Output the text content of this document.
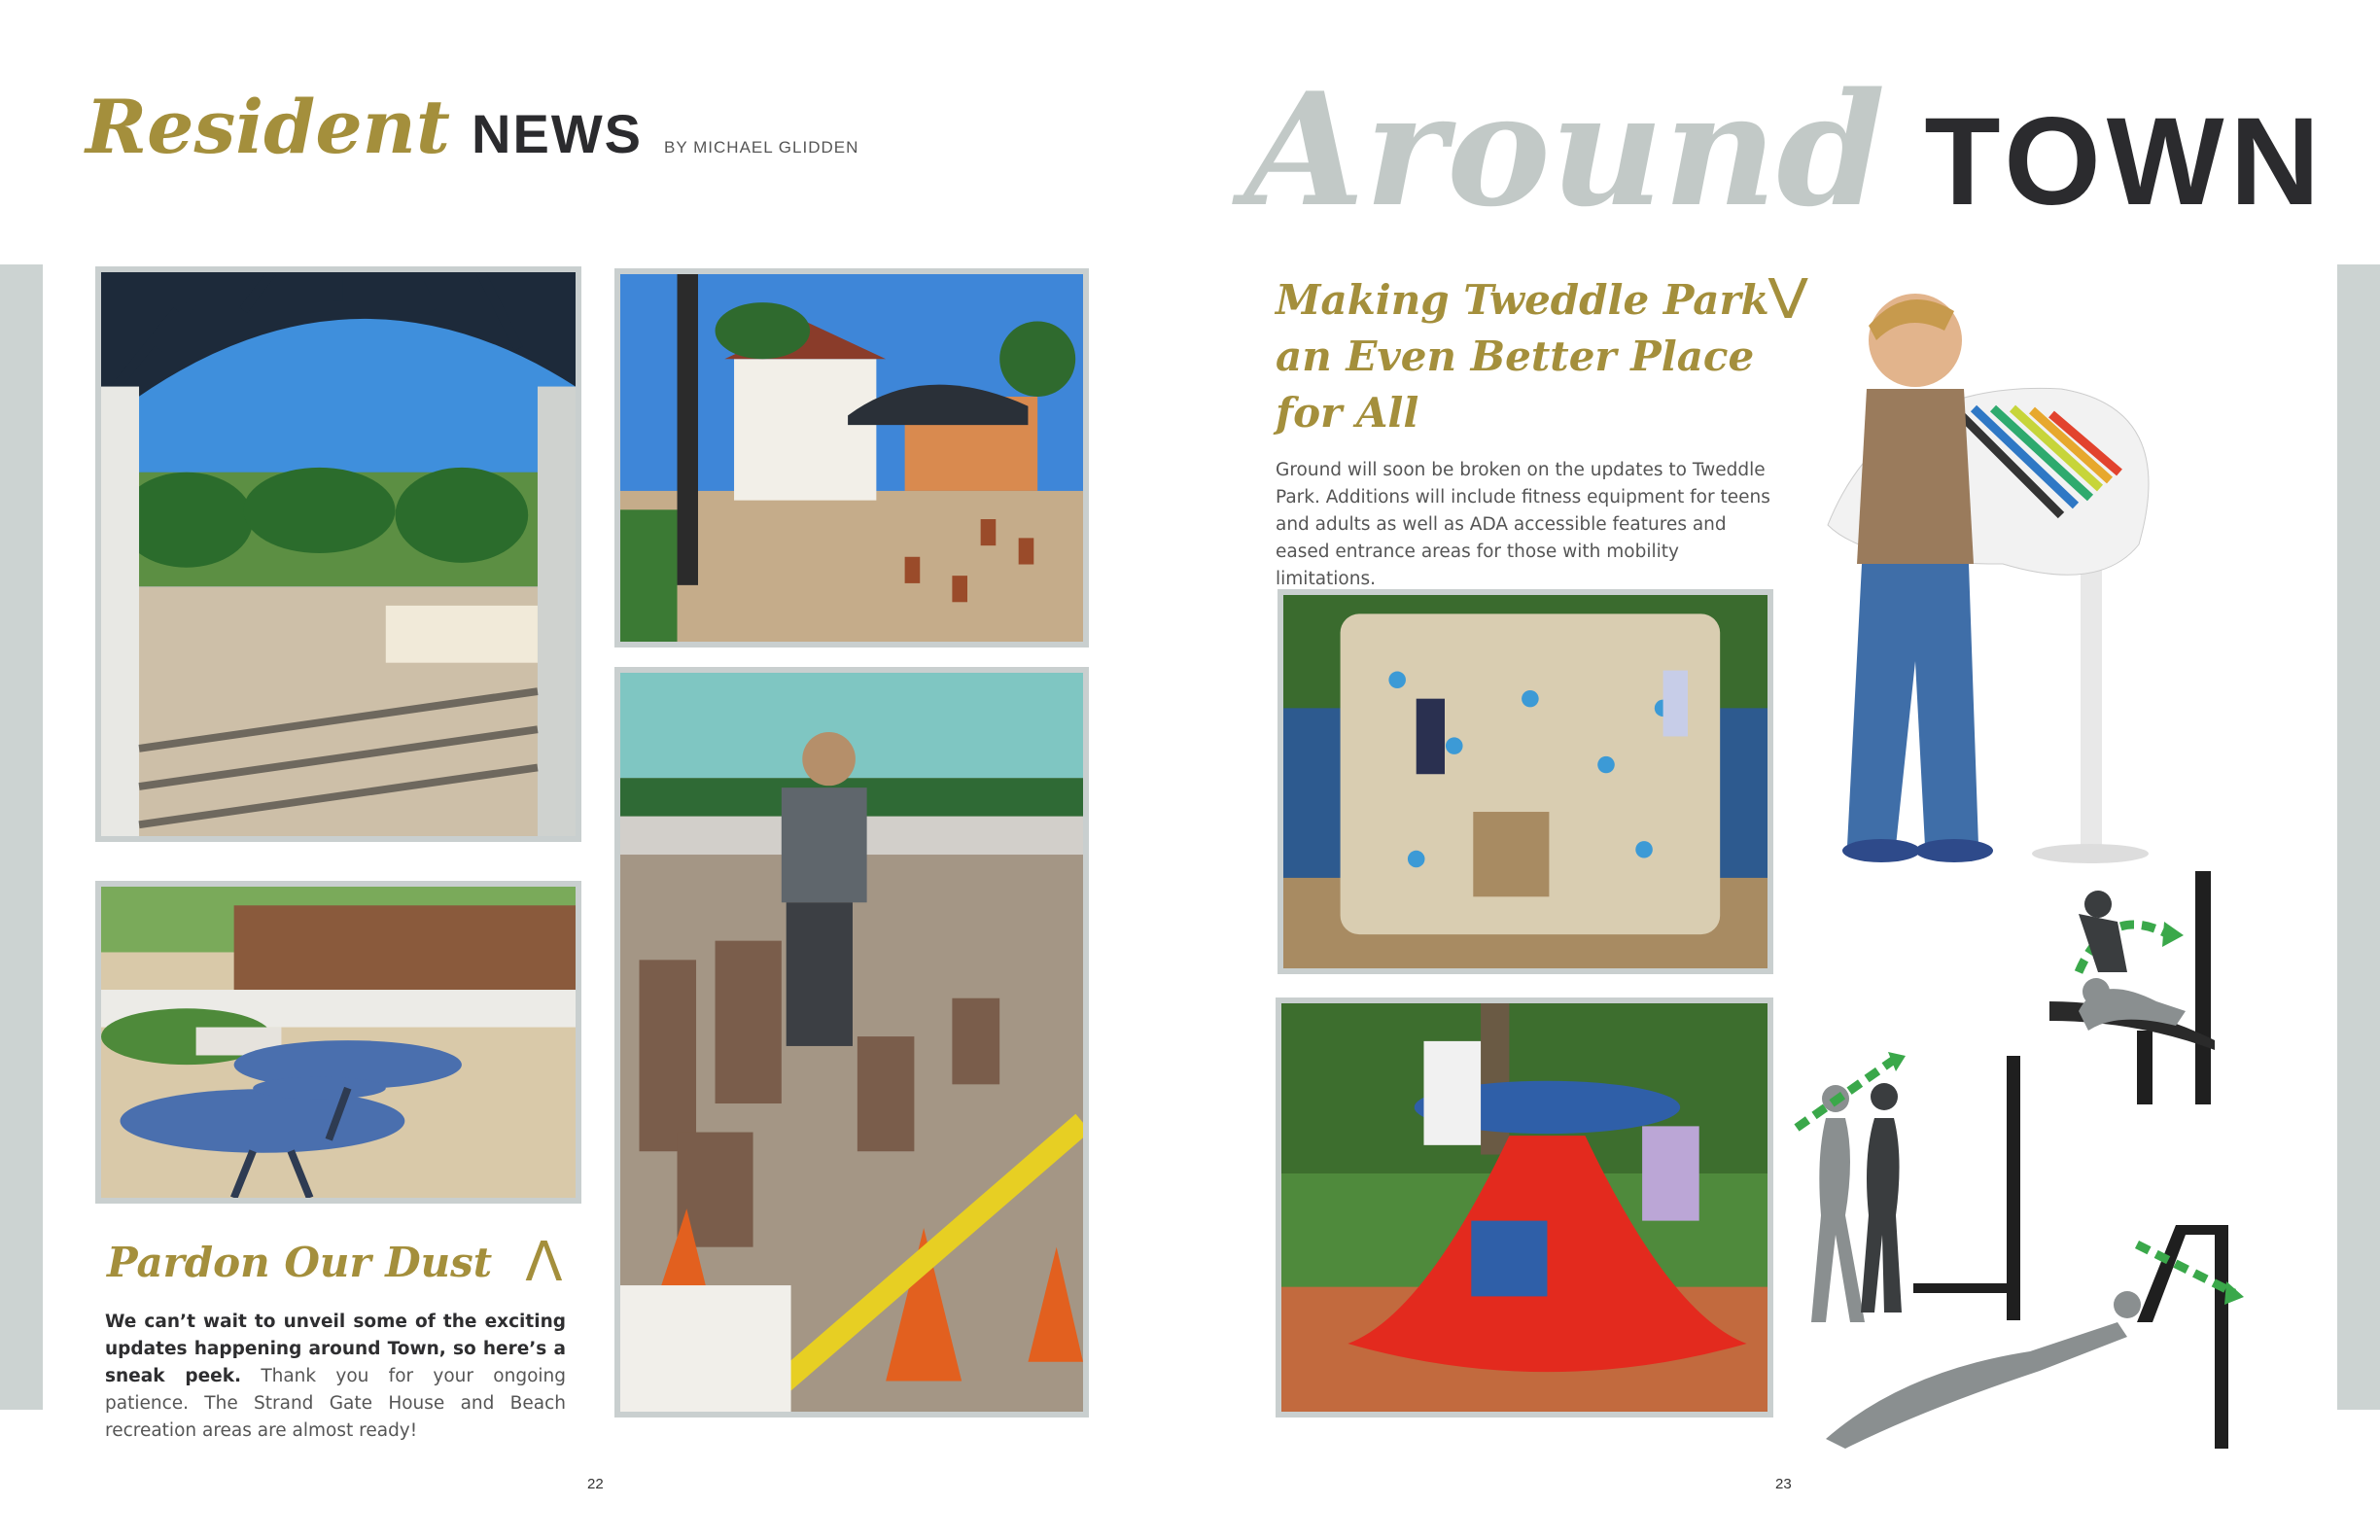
Resident NEWS BY MICHAEL GLIDDEN Around TOWN
Pardon Our Dust Λ
We can’t wait to unveil some of the exciting updates happening around Town, so here’s a sneak peek. Thank you for your ongoing patience. The Strand Gate House and Beach recreation areas are almost ready!
22
Making Tweddle Park
an Even Better Place
for All
V
Ground will soon be broken on the updates to Tweddle Park. Additions will include fitness equipment for teens and adults as well as ADA accessible features and eased entrance areas for those with mobility limitations.
23
